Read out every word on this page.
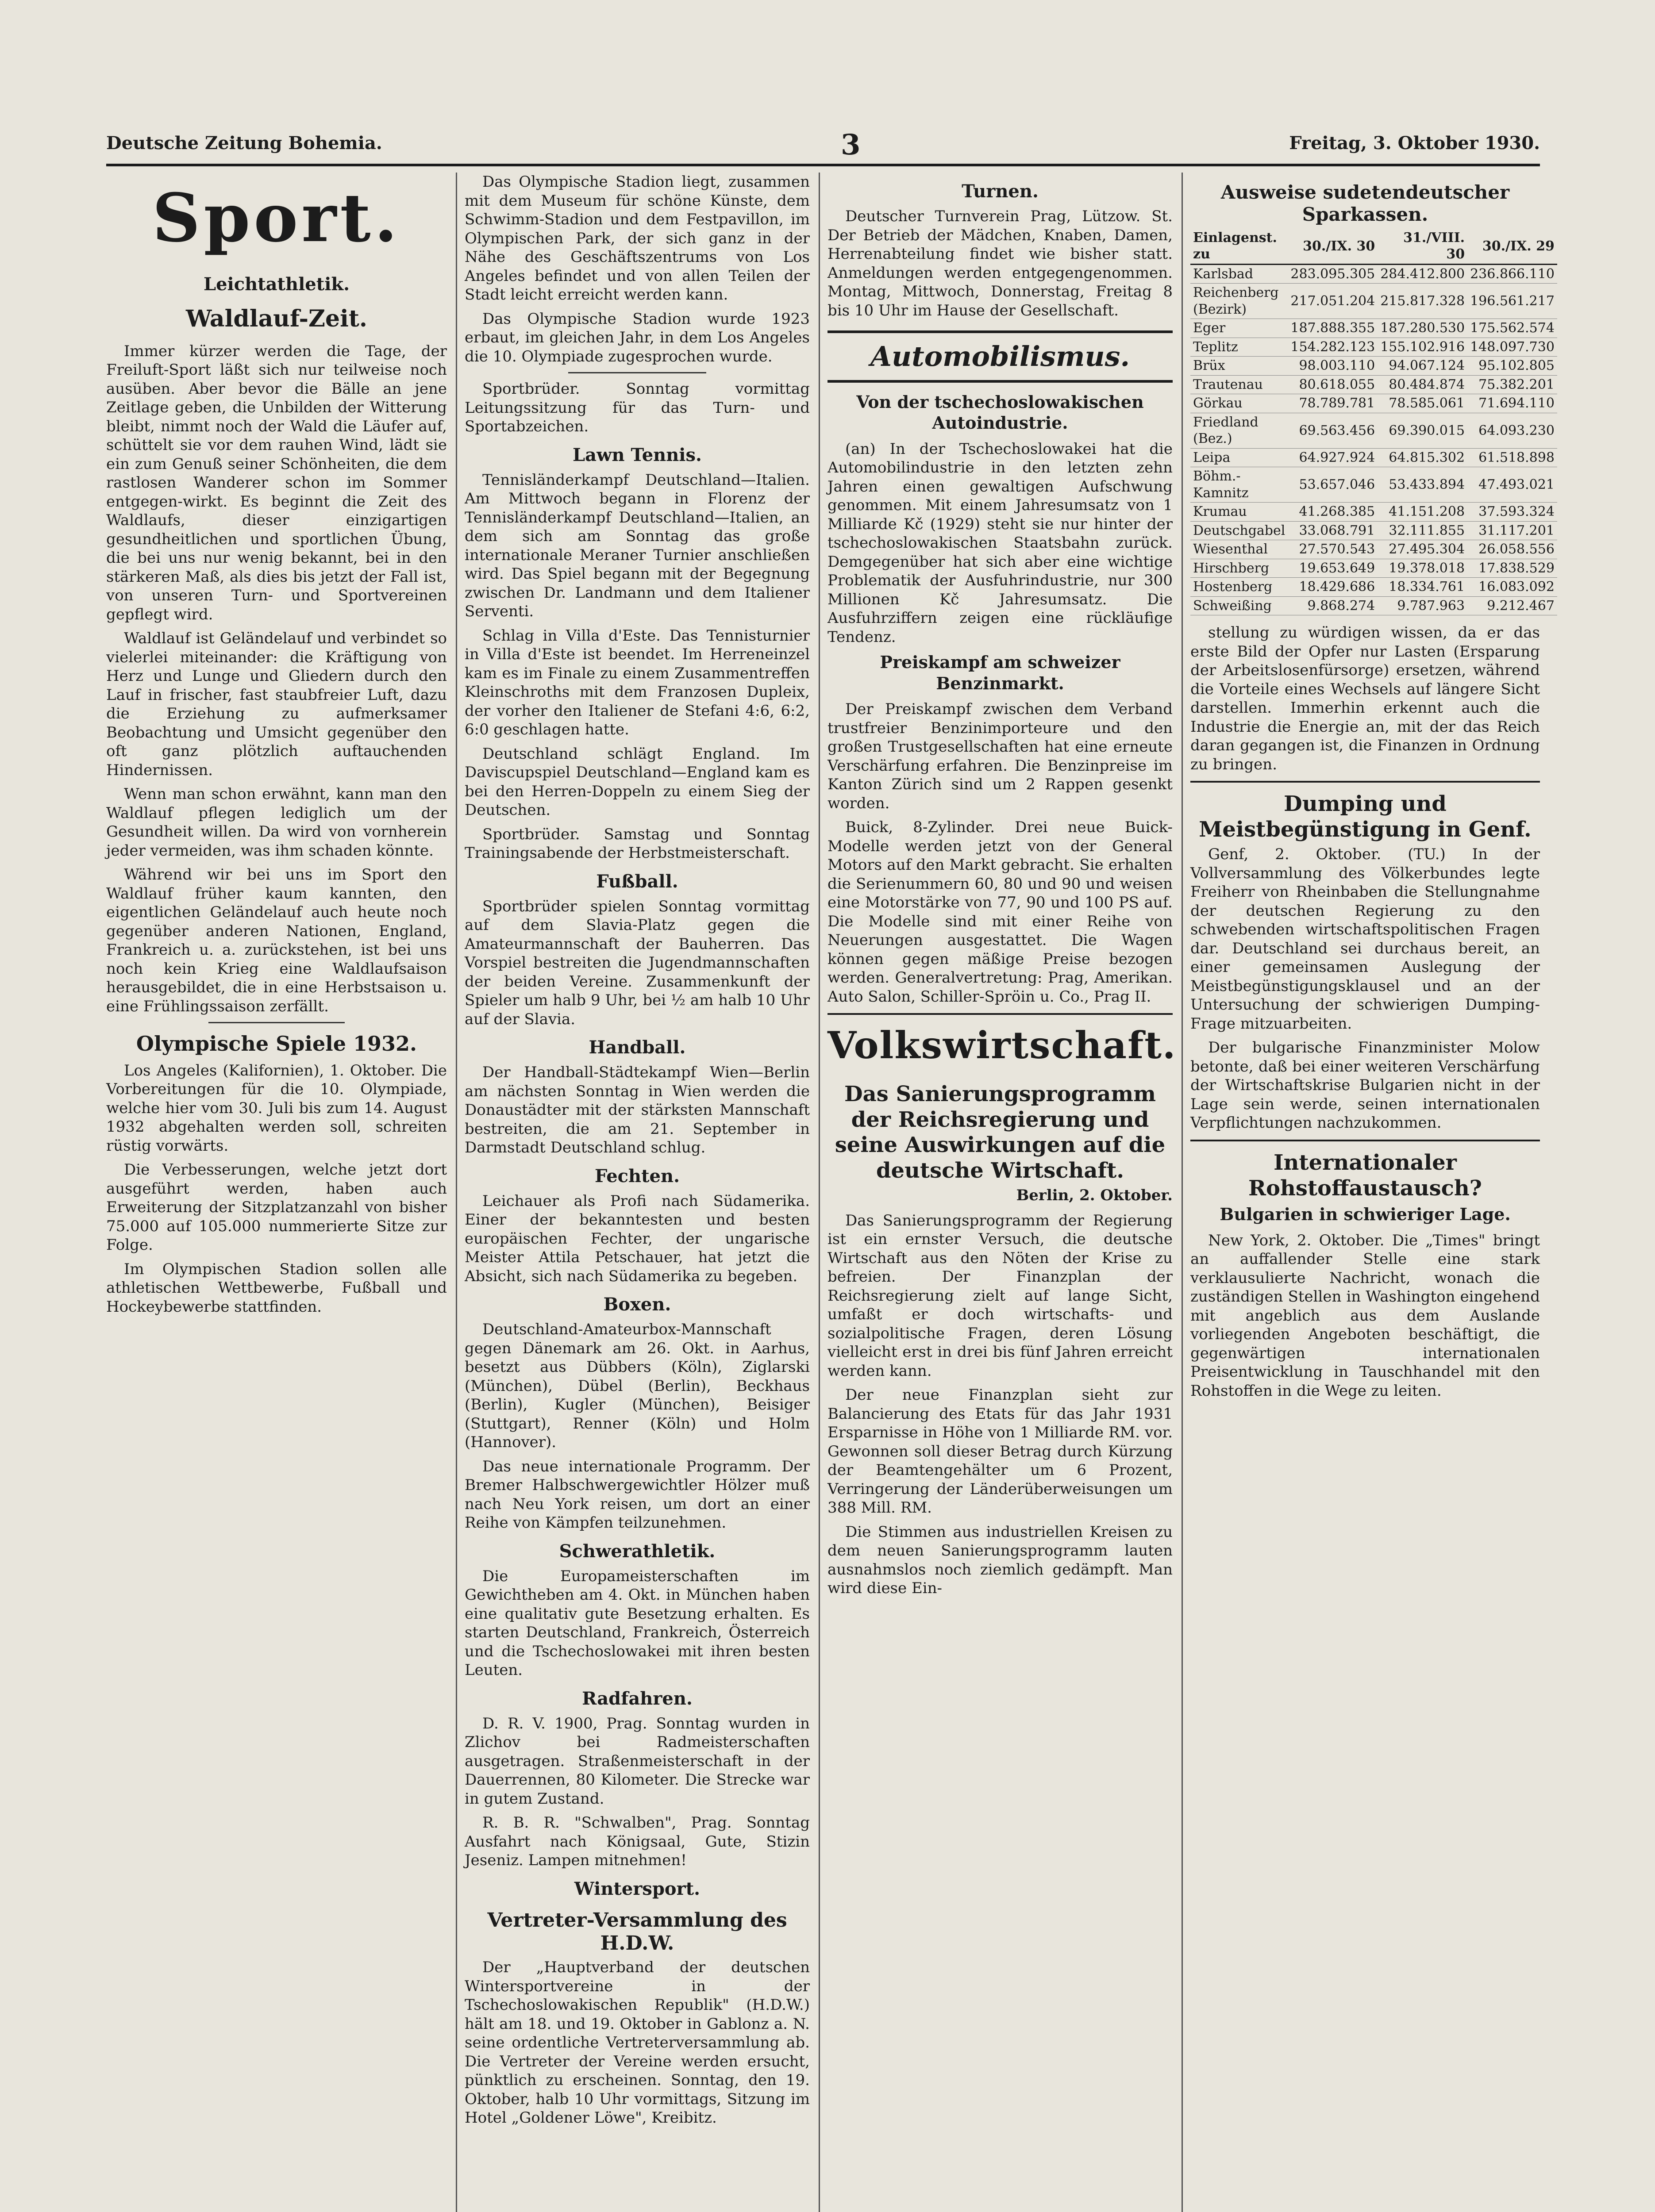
Deutsche Zeitung Bohemia.	3	Freitag, 3. Oktober 1930.
Sport.
Leichtathletik.
Waldlauf-Zeit.

Immer kürzer werden die Tage, der Freiluft-Sport läßt sich nur teilweise noch ausüben. Aber bevor die Bälle an jene Zeitlage geben, die Unbilden der Witterung bleibt, nimmt noch der Wald die Läufer auf, schüttelt sie vor dem rauhen Wind, lädt sie ein zum Genuß seiner Schönheiten, die dem rastlosen Wanderer schon im Sommer entgegen-wirkt. Es beginnt die Zeit des Waldlaufs, dieser einzigartigen gesundheitlichen und sportlichen Übung, die bei uns nur wenig bekannt, bei in den stärkeren Maß, als dies bis jetzt der Fall ist, von unseren Turn- und Sportvereinen gepflegt wird.

Waldlauf ist Geländelauf und verbindet so vielerlei miteinander: die Kräftigung von Herz und Lunge und Gliedern durch den Lauf in frischer, fast staubfreier Luft, dazu die Erziehung zu aufmerksamer Beobachtung und Umsicht gegenüber den oft ganz plötzlich auftauchenden Hindernissen.

Wenn man schon erwähnt, kann man den Waldlauf pflegen lediglich um der Gesundheit willen. Da wird von vornherein jeder vermeiden, was ihm schaden könnte.

Während wir bei uns im Sport den Waldlauf früher kaum kannten, den eigentlichen Geländelauf auch heute noch gegenüber anderen Nationen, England, Frankreich u. a. zurückstehen, ist bei uns noch kein Krieg eine Waldlaufsaison herausgebildet, die in eine Herbstsaison u. eine Frühlingssaison zerfällt.

Olympische Spiele 1932.

Los Angeles (Kalifornien), 1. Oktober. Die Vorbereitungen für die 10. Olympiade, welche hier vom 30. Juli bis zum 14. August 1932 abgehalten werden soll, schreiten rüstig vorwärts.

Die Verbesserungen, welche jetzt dort ausgeführt werden, haben auch Erweiterung der Sitzplatzanzahl von bisher 75.000 auf 105.000 nummerierte Sitze zur Folge.

Im Olympischen Stadion sollen alle athletischen Wettbewerbe, Fußball und Hockeybewerbe stattfinden.

Das Olympische Stadion liegt, zusammen mit dem Museum für schöne Künste, dem Schwimm-Stadion und dem Festpavillon, im Olympischen Park, der sich ganz in der Nähe des Geschäftszentrums von Los Angeles befindet und von allen Teilen der Stadt leicht erreicht werden kann.

Das Olympische Stadion wurde 1923 erbaut, im gleichen Jahr, in dem Los Angeles die 10. Olympiade zugesprochen wurde.

Sportbrüder. Sonntag vormittag Leitungssitzung für das Turn- und Sportabzeichen.

Lawn Tennis.

Tennisländerkampf Deutschland—Italien. Am Mittwoch begann in Florenz der Tennisländerkampf Deutschland—Italien, an dem sich am Sonntag das große internationale Meraner Turnier anschließen wird. Das Spiel begann mit der Begegnung zwischen Dr. Landmann und dem Italiener Serventi.

Schlag in Villa d'Este. Das Tennisturnier in Villa d'Este ist beendet. Im Herreneinzel kam es im Finale zu einem Zusammentreffen Kleinschroths mit dem Franzosen Dupleix, der vorher den Italiener de Stefani 4:6, 6:2, 6:0 geschlagen hatte.

Deutschland schlägt England. Im Daviscupspiel Deutschland—England kam es bei den Herren-Doppeln zu einem Sieg der Deutschen.

Sportbrüder. Samstag und Sonntag Trainingsabende der Herbstmeisterschaft.

Fußball.

Sportbrüder spielen Sonntag vormittag auf dem Slavia-Platz gegen die Amateurmannschaft der Bauherren. Das Vorspiel bestreiten die Jugendmannschaften der beiden Vereine. Zusammenkunft der Spieler um halb 9 Uhr, bei ½ am halb 10 Uhr auf der Slavia.

Handball.

Der Handball-Städtekampf Wien—Berlin am nächsten Sonntag in Wien werden die Donaustädter mit der stärksten Mannschaft bestreiten, die am 21. September in Darmstadt Deutschland schlug.

Fechten.

Leichauer als Profi nach Südamerika. Einer der bekanntesten und besten europäischen Fechter, der ungarische Meister Attila Petschauer, hat jetzt die Absicht, sich nach Südamerika zu begeben.

Boxen.

Deutschland-Amateurbox-Mannschaft gegen Dänemark am 26. Okt. in Aarhus, besetzt aus Dübbers (Köln), Ziglarski (München), Dübel (Berlin), Beckhaus (Berlin), Kugler (München), Beisiger (Stuttgart), Renner (Köln) und Holm (Hannover).

Das neue internationale Programm. Der Bremer Halbschwergewichtler Hölzer muß nach Neu York reisen, um dort an einer Reihe von Kämpfen teilzunehmen.

Schwerathletik.

Die Europameisterschaften im Gewichtheben am 4. Okt. in München haben eine qualitativ gute Besetzung erhalten. Es starten Deutschland, Frankreich, Österreich und die Tschechoslowakei mit ihren besten Leuten.

Radfahren.

D. R. V. 1900, Prag. Sonntag wurden in Zlichov bei Radmeisterschaften ausgetragen. Straßenmeisterschaft in der Dauerrennen, 80 Kilometer. Die Strecke war in gutem Zustand.

R. B. R. "Schwalben", Prag. Sonntag Ausfahrt nach Königsaal, Gute, Stizin Jeseniz. Lampen mitnehmen!

Wintersport.
Vertreter-Versammlung des H.D.W.

Der „Hauptverband der deutschen Wintersportvereine in der Tschechoslowakischen Republik" (H.D.W.) hält am 18. und 19. Oktober in Gablonz a. N. seine ordentliche Vertreterversammlung ab. Die Vertreter der Vereine werden ersucht, pünktlich zu erscheinen. Sonntag, den 19. Oktober, halb 10 Uhr vormittags, Sitzung im Hotel „Goldener Löwe", Kreibitz.

Turnen.

Deutscher Turnverein Prag, Lützow. St. Der Betrieb der Mädchen, Knaben, Damen, Herrenabteilung findet wie bisher statt. Anmeldungen werden entgegengenommen. Montag, Mittwoch, Donnerstag, Freitag 8 bis 10 Uhr im Hause der Gesellschaft.

Automobilismus.
Von der tschechoslowakischen Autoindustrie.

(an) In der Tschechoslowakei hat die Automobilindustrie in den letzten zehn Jahren einen gewaltigen Aufschwung genommen. Mit einem Jahresumsatz von 1 Milliarde Kč (1929) steht sie nur hinter der tschechoslowakischen Staatsbahn zurück. Demgegenüber hat sich aber eine wichtige Problematik der Ausfuhrindustrie, nur 300 Millionen Kč Jahresumsatz. Die Ausfuhrziffern zeigen eine rückläufige Tendenz.

Preiskampf am schweizer Benzinmarkt.

Der Preiskampf zwischen dem Verband trustfreier Benzinimporteure und den großen Trustgesellschaften hat eine erneute Verschärfung erfahren. Die Benzinpreise im Kanton Zürich sind um 2 Rappen gesenkt worden.

Buick, 8-Zylinder. Drei neue Buick-Modelle werden jetzt von der General Motors auf den Markt gebracht. Sie erhalten die Serienummern 60, 80 und 90 und weisen eine Motorstärke von 77, 90 und 100 PS auf. Die Modelle sind mit einer Reihe von Neuerungen ausgestattet. Die Wagen können gegen mäßige Preise bezogen werden. Generalvertretung: Prag, Amerikan. Auto Salon, Schiller-Spröin u. Co., Prag II.

Volkswirtschaft.
Das Sanierungsprogramm der Reichsregierung und seine Auswirkungen auf die deutsche Wirtschaft.
Berlin, 2. Oktober.

Das Sanierungsprogramm der Regierung ist ein ernster Versuch, die deutsche Wirtschaft aus den Nöten der Krise zu befreien. Der Finanzplan der Reichsregierung zielt auf lange Sicht, umfaßt er doch wirtschafts- und sozialpolitische Fragen, deren Lösung vielleicht erst in drei bis fünf Jahren erreicht werden kann.

Der neue Finanzplan sieht zur Balancierung des Etats für das Jahr 1931 Ersparnisse in Höhe von 1 Milliarde RM. vor. Gewonnen soll dieser Betrag durch Kürzung der Beamtengehälter um 6 Prozent, Verringerung der Länderüberweisungen um 388 Mill. RM.

Die Stimmen aus industriellen Kreisen zu dem neuen Sanierungsprogramm lauten ausnahmslos noch ziemlich gedämpft. Man wird diese Ein-

Ausweise sudetendeutscher Sparkassen.
Einlagenst. zu	30./IX. 30	31./VIII. 30	30./IX. 29
Karlsbad	283.095.305	284.412.800	236.866.110
Reichenberg (Bezirk)	217.051.204	215.817.328	196.561.217
Eger	187.888.355	187.280.530	175.562.574
Teplitz	154.282.123	155.102.916	148.097.730
Brüx	98.003.110	94.067.124	95.102.805
Trautenau	80.618.055	80.484.874	75.382.201
Görkau	78.789.781	78.585.061	71.694.110
Friedland (Bez.)	69.563.456	69.390.015	64.093.230
Leipa	64.927.924	64.815.302	61.518.898
Böhm.-Kamnitz	53.657.046	53.433.894	47.493.021
Krumau	41.268.385	41.151.208	37.593.324
Deutschgabel	33.068.791	32.111.855	31.117.201
Wiesenthal	27.570.543	27.495.304	26.058.556
Hirschberg	19.653.649	19.378.018	17.838.529
Hostenberg	18.429.686	18.334.761	16.083.092
Schweißing	9.868.274	9.787.963	9.212.467

stellung zu würdigen wissen, da er das erste Bild der Opfer nur Lasten (Ersparung der Arbeitslosenfürsorge) ersetzen, während die Vorteile eines Wechsels auf längere Sicht darstellen. Immerhin erkennt auch die Industrie die Energie an, mit der das Reich daran gegangen ist, die Finanzen in Ordnung zu bringen.

Dumping und Meistbegünstigung in Genf.

Genf, 2. Oktober. (TU.) In der Vollversammlung des Völkerbundes legte Freiherr von Rheinbaben die Stellungnahme der deutschen Regierung zu den schwebenden wirtschaftspolitischen Fragen dar. Deutschland sei durchaus bereit, an einer gemeinsamen Auslegung der Meistbegünstigungsklausel und an der Untersuchung der schwierigen Dumping-Frage mitzuarbeiten.

Der bulgarische Finanzminister Molow betonte, daß bei einer weiteren Verschärfung der Wirtschaftskrise Bulgarien nicht in der Lage sein werde, seinen internationalen Verpflichtungen nachzukommen.

Internationaler Rohstoffaustausch?
Bulgarien in schwieriger Lage.

New York, 2. Oktober. Die „Times" bringt an auffallender Stelle eine stark verklausulierte Nachricht, wonach die zuständigen Stellen in Washington eingehend mit angeblich aus dem Auslande vorliegenden Angeboten beschäftigt, die gegenwärtigen internationalen Preisentwicklung in Tauschhandel mit den Rohstoffen in die Wege zu leiten.
